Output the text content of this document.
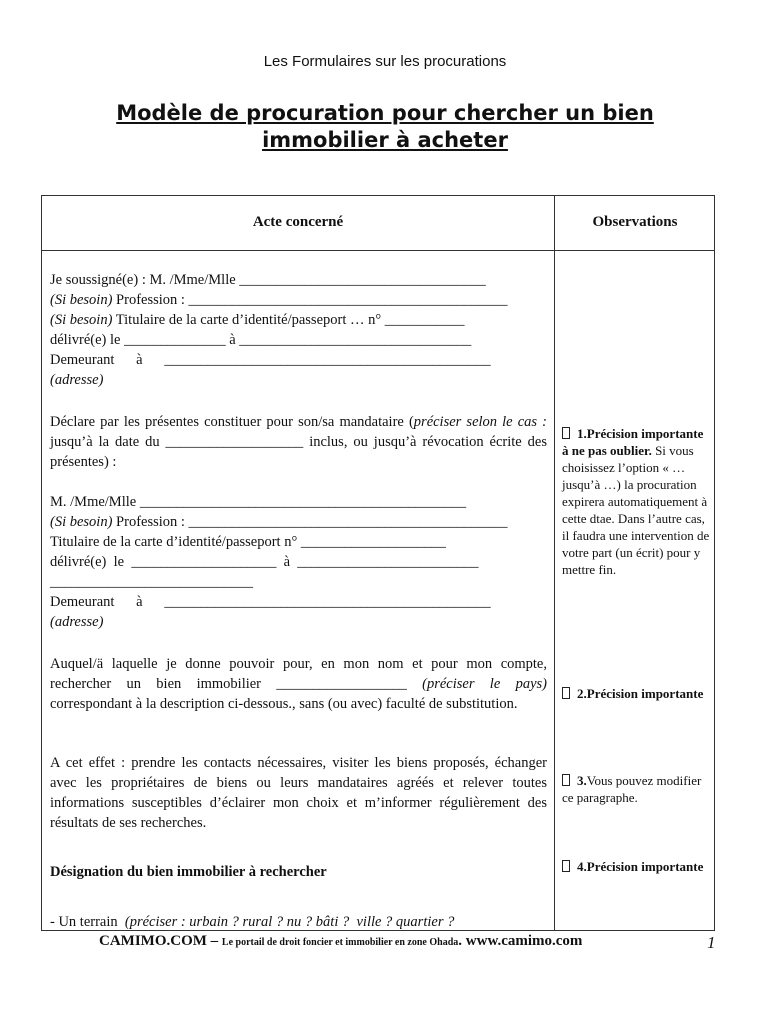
Les Formulaires sur les procurations
Modèle de procuration pour chercher un bien immobilier à acheter
Acte concerné	Observations
Je soussigné(e) : M. /Mme/Mlle __________________________________
(Si besoin) Profession : ____________________________________________
(Si besoin) Titulaire de la carte d’identité/passeport … n° ___________
délivré(e) le ______________ à ________________________________
Demeurant      à      _____________________________________________
(adresse)
Déclare par les présentes constituer pour son/sa mandataire (préciser selon le cas : jusqu’à la date du ___________________ inclus, ou jusqu’à révocation écrite des présentes) :
M. /Mme/Mlle _____________________________________________
(Si besoin) Profession : ____________________________________________
Titulaire de la carte d’identité/passeport n° ____________________
délivré(e)  le  ____________________  à  _________________________
____________________________
Demeurant      à      _____________________________________________
(adresse)
Auquel/ä laquelle je donne pouvoir pour, en mon nom et pour mon compte, rechercher un bien immobilier __________________ (préciser le pays) correspondant à la description ci-dessous., sans (ou avec) faculté de substitution.
A cet effet : prendre les contacts nécessaires, visiter les biens proposés, échanger avec les propriétaires de biens ou leurs mandataires agréés et relever toutes informations susceptibles d’éclairer mon choix et m’informer régulièrement des résultats de ses recherches.
Désignation du bien immobilier à rechercher
- Un terrain  (préciser : urbain ? rural ? nu ? bâti ?  ville ? quartier ?
1.Précision importante à ne pas oublier. Si vous choisissez l’option « … jusqu’à …) la procuration expirera automatiquement à cette dtae. Dans l’autre cas, il faudra une intervention de votre part (un écrit) pour y mettre fin.
2.Précision importante
3.Vous pouvez modifier ce paragraphe.
4.Précision importante
CAMIMO.COM – Le portail de droit foncier et immobilier en zone Ohada. www.camimo.com	1
